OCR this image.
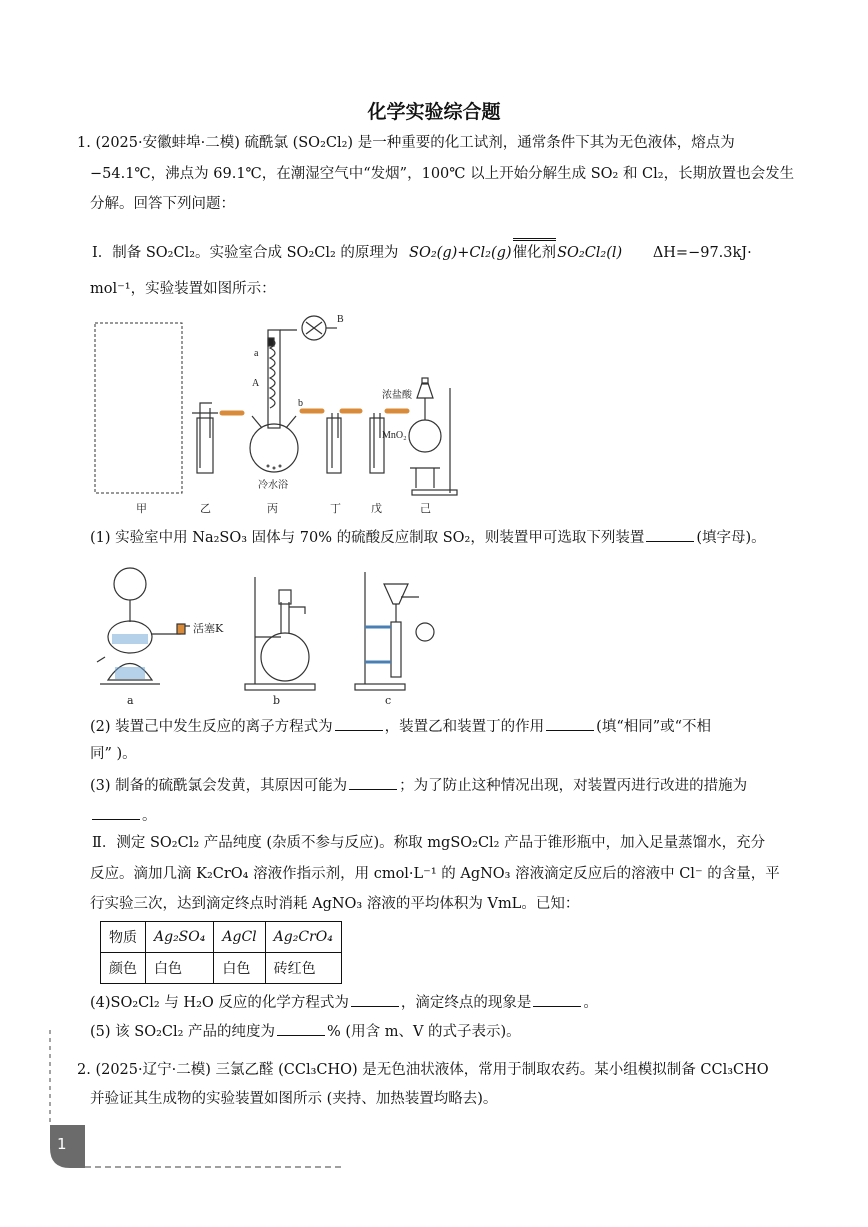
化学实验综合题
1. (2025·安徽蚌埠·二模) 硫酰氯 (SO₂Cl₂) 是一种重要的化工试剂，通常条件下其为无色液体，熔点为
−54.1℃，沸点为 69.1℃，在潮湿空气中“发烟”，100℃ 以上开始分解生成 SO₂ 和 Cl₂，长期放置也会发生
分解。回答下列问题：
Ⅰ．制备 SO₂Cl₂。实验室合成 SO₂Cl₂ 的原理为 SO₂(g)+Cl₂(g)
催化剂SO₂Cl₂(l) ΔH=−97.3kJ·
mol⁻¹，实验装置如图所示：
a
A
b
B
浓盐酸
MnO₂
冷水浴
甲	乙	丙	丁	戊	己
(1) 实验室中用 Na₂SO₃ 固体与 70% 的硫酸反应制取 SO₂，则装置甲可选取下列装置	(填字母)。
活塞K
a	b	c
(2) 装置己中发生反应的离子方程式为	，装置乙和装置丁的作用	(填“相同”或“不相
同” )。
(3) 制备的硫酰氯会发黄，其原因可能为	；为了防止这种情况出现，对装置丙进行改进的措施为
。
Ⅱ．测定 SO₂Cl₂ 产品纯度 (杂质不参与反应)。称取 mgSO₂Cl₂ 产品于锥形瓶中，加入足量蒸馏水，充分
反应。滴加几滴 K₂CrO₄ 溶液作指示剂，用 cmol·L⁻¹ 的 AgNO₃ 溶液滴定反应后的溶液中 Cl⁻ 的含量，平
行实验三次，达到滴定终点时消耗 AgNO₃ 溶液的平均体积为 VmL。已知：
物质	Ag₂SO₄	AgCl	Ag₂CrO₄
颜色	白色	白色	砖红色
(4)SO₂Cl₂ 与 H₂O 反应的化学方程式为	，滴定终点的现象是	。
(5) 该 SO₂Cl₂ 产品的纯度为	% (用含 m、V 的式子表示)。
2. (2025·辽宁·二模) 三氯乙醛 (CCl₃CHO) 是无色油状液体，常用于制取农药。某小组模拟制备 CCl₃CHO
并验证其生成物的实验装置如图所示 (夹持、加热装置均略去)。
1
